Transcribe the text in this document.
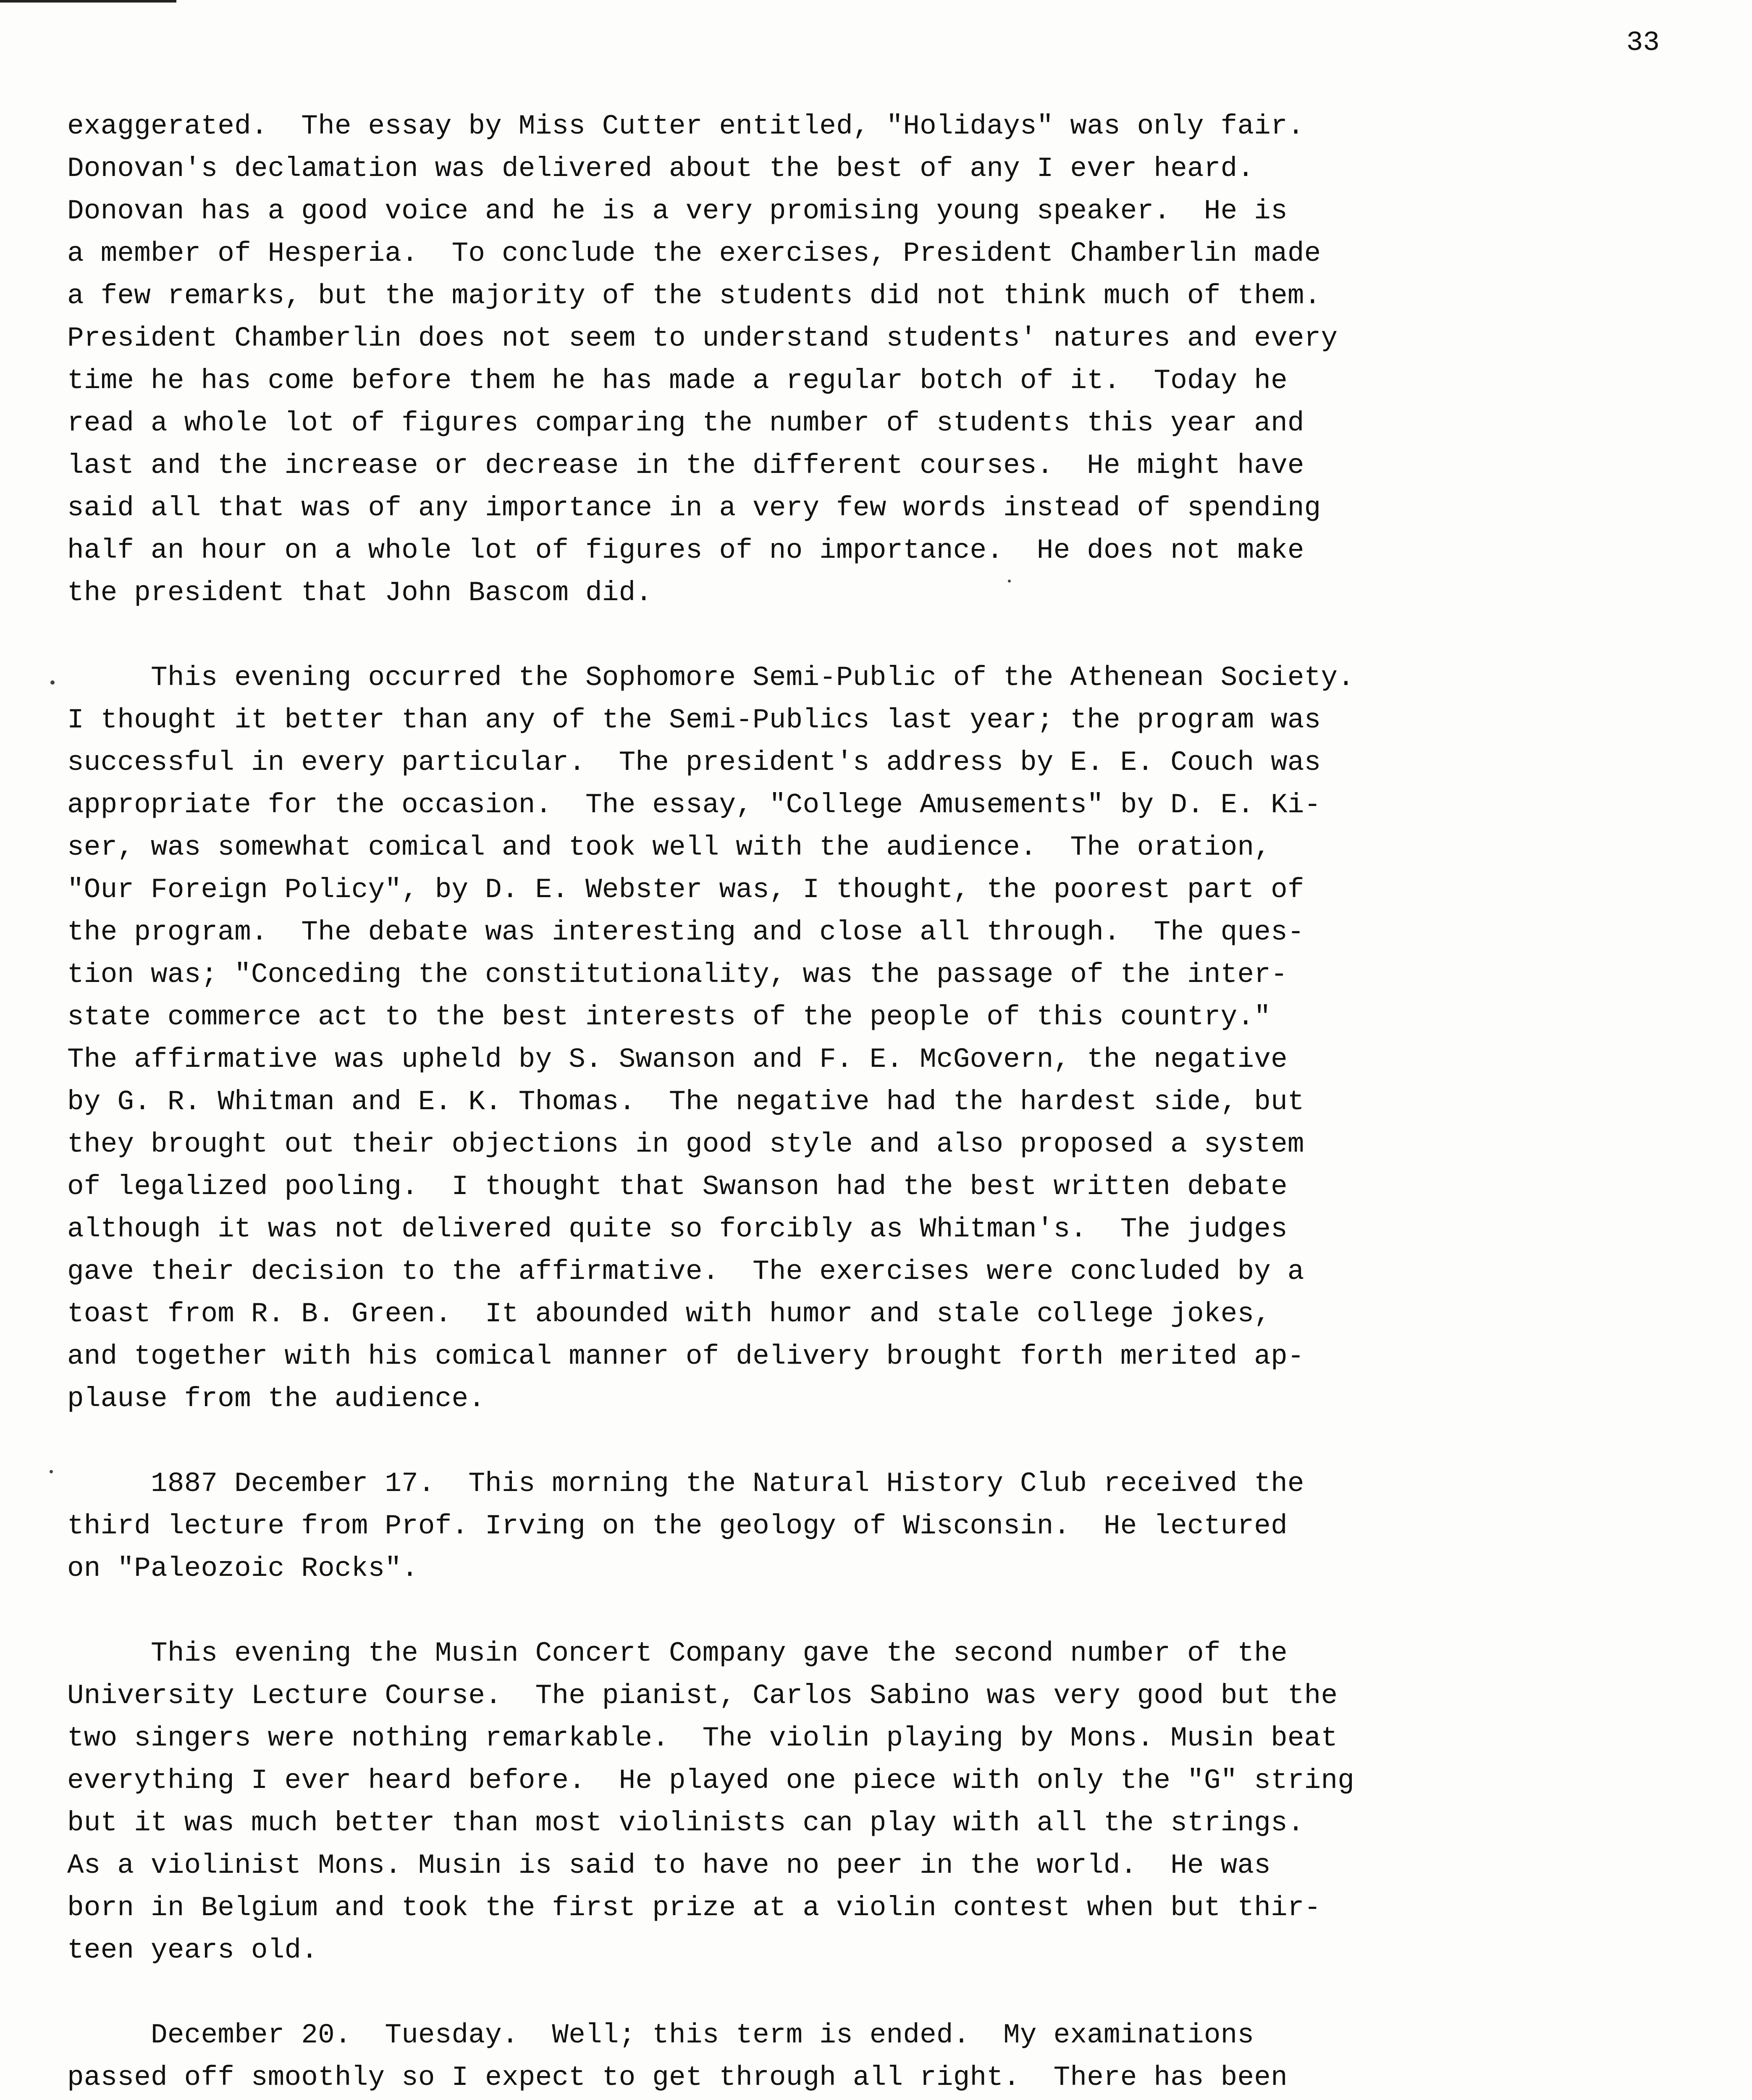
33
exaggerated.  The essay by Miss Cutter entitled, "Holidays" was only fair.
Donovan's declamation was delivered about the best of any I ever heard.
Donovan has a good voice and he is a very promising young speaker.  He is
a member of Hesperia.  To conclude the exercises, President Chamberlin made
a few remarks, but the majority of the students did not think much of them.
President Chamberlin does not seem to understand students' natures and every
time he has come before them he has made a regular botch of it.  Today he
read a whole lot of figures comparing the number of students this year and
last and the increase or decrease in the different courses.  He might have
said all that was of any importance in a very few words instead of spending
half an hour on a whole lot of figures of no importance.  He does not make
the president that John Bascom did.
This evening occurred the Sophomore Semi-Public of the Athenean Society.
I thought it better than any of the Semi-Publics last year; the program was
successful in every particular.  The president's address by E. E. Couch was
appropriate for the occasion.  The essay, "College Amusements" by D. E. Ki-
ser, was somewhat comical and took well with the audience.  The oration,
"Our Foreign Policy", by D. E. Webster was, I thought, the poorest part of
the program.  The debate was interesting and close all through.  The ques-
tion was; "Conceding the constitutionality, was the passage of the inter-
state commerce act to the best interests of the people of this country."
The affirmative was upheld by S. Swanson and F. E. McGovern, the negative
by G. R. Whitman and E. K. Thomas.  The negative had the hardest side, but
they brought out their objections in good style and also proposed a system
of legalized pooling.  I thought that Swanson had the best written debate
although it was not delivered quite so forcibly as Whitman's.  The judges
gave their decision to the affirmative.  The exercises were concluded by a
toast from R. B. Green.  It abounded with humor and stale college jokes,
and together with his comical manner of delivery brought forth merited ap-
plause from the audience.
1887 December 17.  This morning the Natural History Club received the
third lecture from Prof. Irving on the geology of Wisconsin.  He lectured
on "Paleozoic Rocks".
This evening the Musin Concert Company gave the second number of the
University Lecture Course.  The pianist, Carlos Sabino was very good but the
two singers were nothing remarkable.  The violin playing by Mons. Musin beat
everything I ever heard before.  He played one piece with only the "G" string
but it was much better than most violinists can play with all the strings.
As a violinist Mons. Musin is said to have no peer in the world.  He was
born in Belgium and took the first prize at a violin contest when but thir-
teen years old.
December 20.  Tuesday.  Well; this term is ended.  My examinations
passed off smoothly so I expect to get through all right.  There has been
